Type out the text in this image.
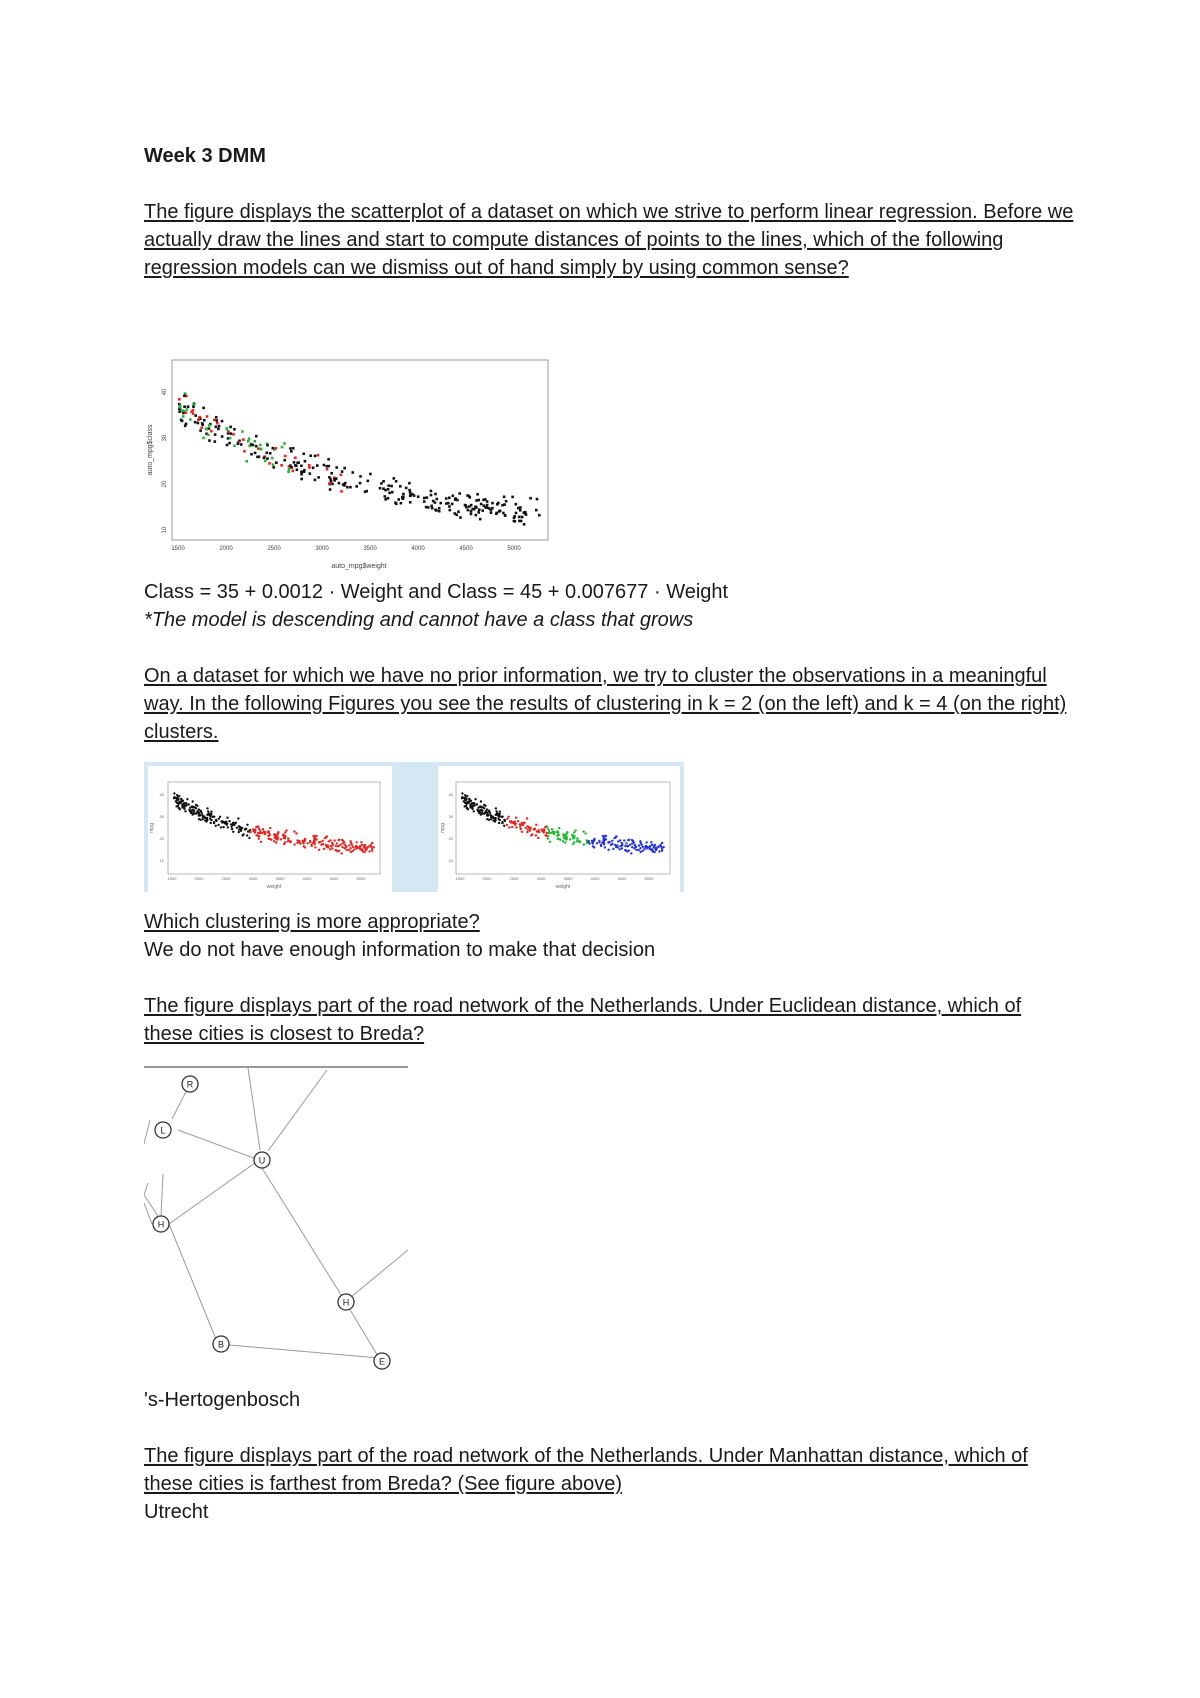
Week 3 DMM

The figure displays the scatterplot of a dataset on which we strive to perform linear regression. Before we actually draw the lines and start to compute distances of points to the lines, which of the following regression models can we dismiss out of hand simply by using common sense?

1500	2000	2500	3000	3500	4000	4500	5000
40
30
20
10
auto_mpg$weight
auto_mpg$class

Class = 35 + 0.0012 · Weight and Class = 45 + 0.007677 · Weight

*The model is descending and cannot have a class that grows

On a dataset for which we have no prior information, we try to cluster the observations in a meaningful way. In the following Figures you see the results of clustering in k = 2 (on the left) and k = 4 (on the right) clusters.

1500	1500
2000	2000
2500	2500
3000	3000
3500	3500
4000	4000
4500	4500
5000	5000
40	40
30	30
20	20
10	10
weight	weight
mpg	mpg

Which clustering is more appropriate?

We do not have enough information to make that decision

The figure displays part of the road network of the Netherlands. Under Euclidean distance, which of these cities is closest to Breda?

R
L
U
H
H
B
E

's-Hertogenbosch

The figure displays part of the road network of the Netherlands. Under Manhattan distance, which of these cities is farthest from Breda? (See figure above)

Utrecht
